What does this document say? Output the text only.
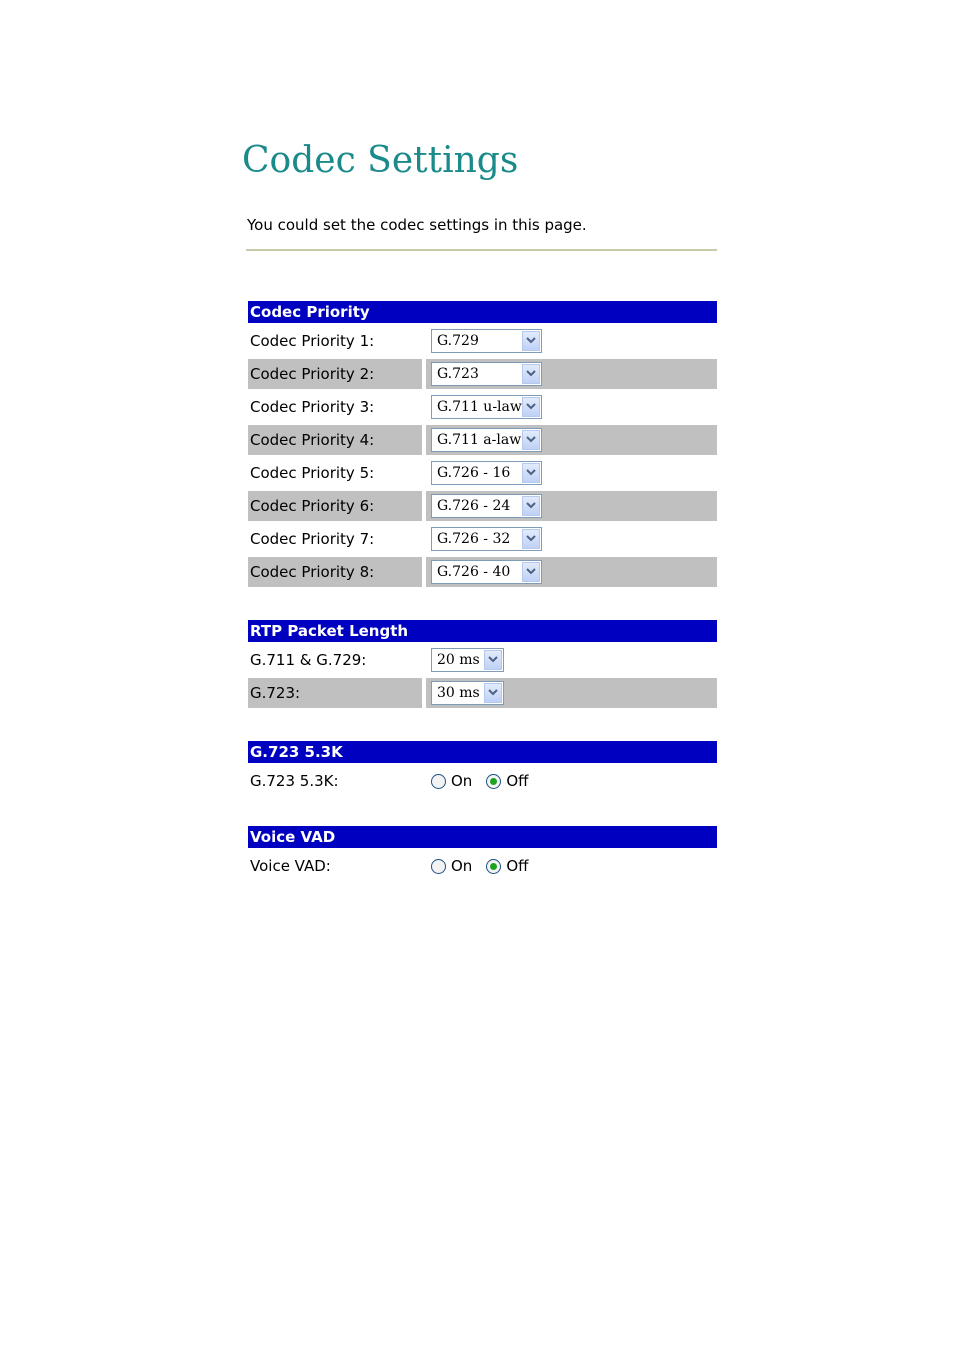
Codec Settings
You could set the codec settings in this page.
Codec Priority
Codec Priority 1:	G.729
Codec Priority 2:	G.723
Codec Priority 3:	G.711 u-law
Codec Priority 4:	G.711 a-law
Codec Priority 5:	G.726 - 16
Codec Priority 6:	G.726 - 24
Codec Priority 7:	G.726 - 32
Codec Priority 8:	G.726 - 40
RTP Packet Length
G.711 & G.729:	20 ms
G.723:	30 ms
G.723 5.3K
G.723 5.3K:	On Off
Voice VAD
Voice VAD:	On Off
